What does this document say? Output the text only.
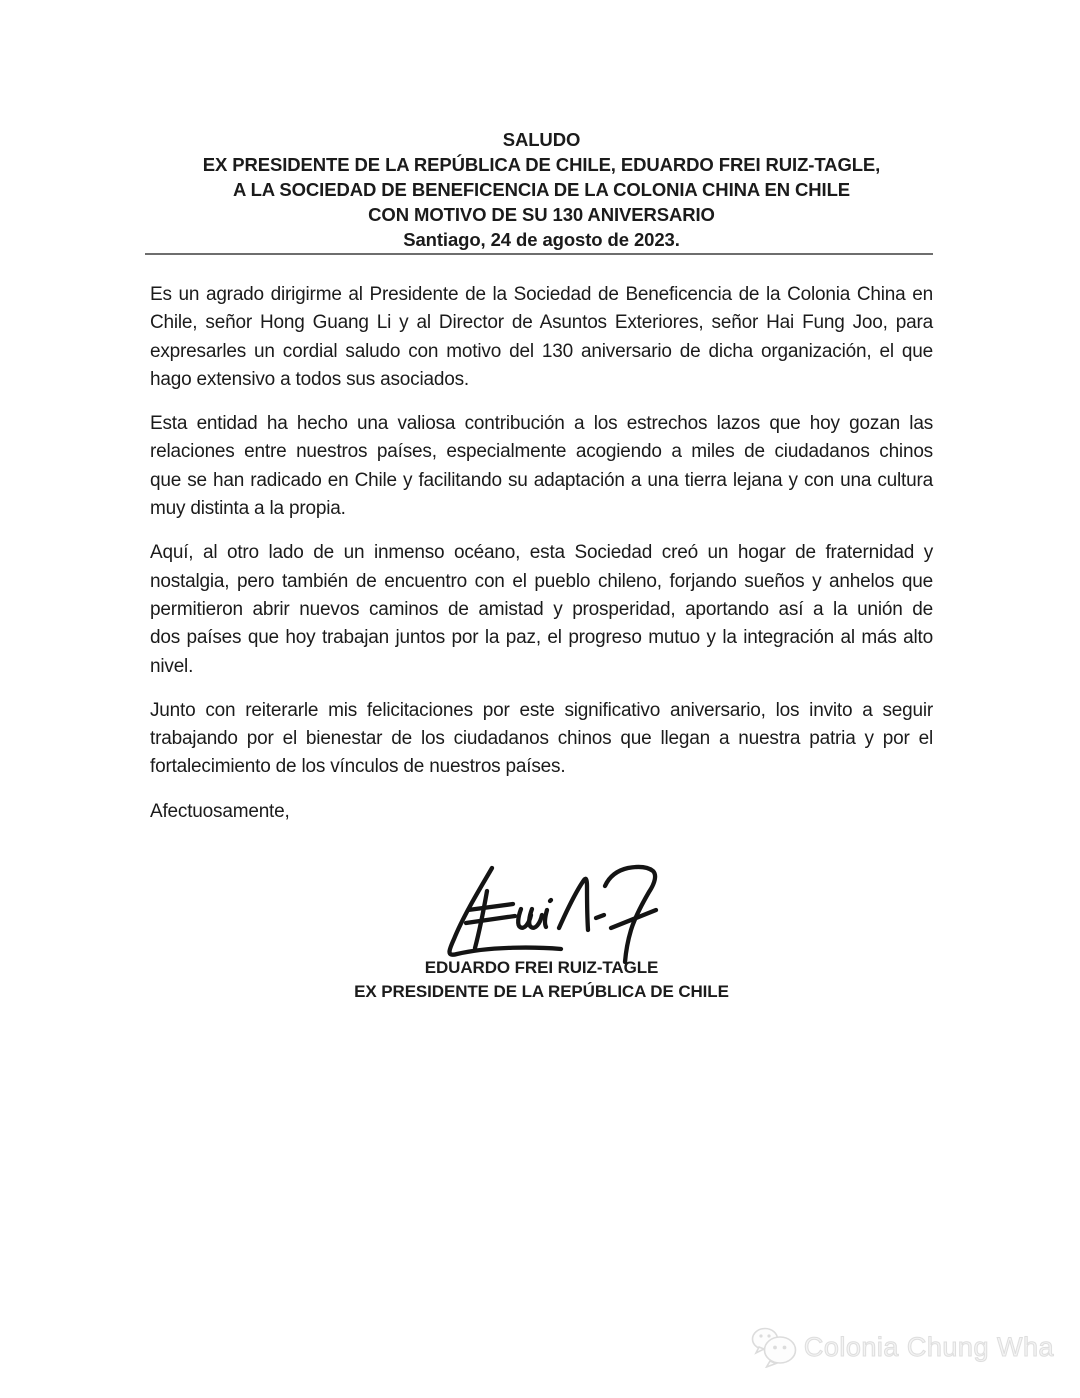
SALUDO
EX PRESIDENTE DE LA REPÚBLICA DE CHILE, EDUARDO FREI RUIZ-TAGLE,
A LA SOCIEDAD DE BENEFICENCIA DE LA COLONIA CHINA EN CHILE
CON MOTIVO DE SU 130 ANIVERSARIO
Santiago, 24 de agosto de 2023.
Es un agrado dirigirme al Presidente de la Sociedad de Beneficencia de la Colonia China en
Chile, señor Hong Guang Li y al Director de Asuntos Exteriores, señor Hai Fung Joo, para
expresarles un cordial saludo con motivo del 130 aniversario de dicha organización, el que
hago extensivo a todos sus asociados.
Esta entidad ha hecho una valiosa contribución a los estrechos lazos que hoy gozan las
relaciones entre nuestros países, especialmente acogiendo a miles de ciudadanos chinos
que se han radicado en Chile y facilitando su adaptación a una tierra lejana y con una cultura
muy distinta a la propia.
Aquí, al otro lado de un inmenso océano, esta Sociedad creó un hogar de fraternidad y
nostalgia, pero también de encuentro con el pueblo chileno, forjando sueños y anhelos que
permitieron abrir nuevos caminos de amistad y prosperidad, aportando así a la unión de
dos países que hoy trabajan juntos por la paz, el progreso mutuo y la integración al más alto
nivel.
Junto con reiterarle mis felicitaciones por este significativo aniversario, los invito a seguir
trabajando por el bienestar de los ciudadanos chinos que llegan a nuestra patria y por el
fortalecimiento de los vínculos de nuestros países.
Afectuosamente,
EDUARDO FREI RUIZ-TAGLE
EX PRESIDENTE DE LA REPÚBLICA DE CHILE
Colonia Chung Wha
